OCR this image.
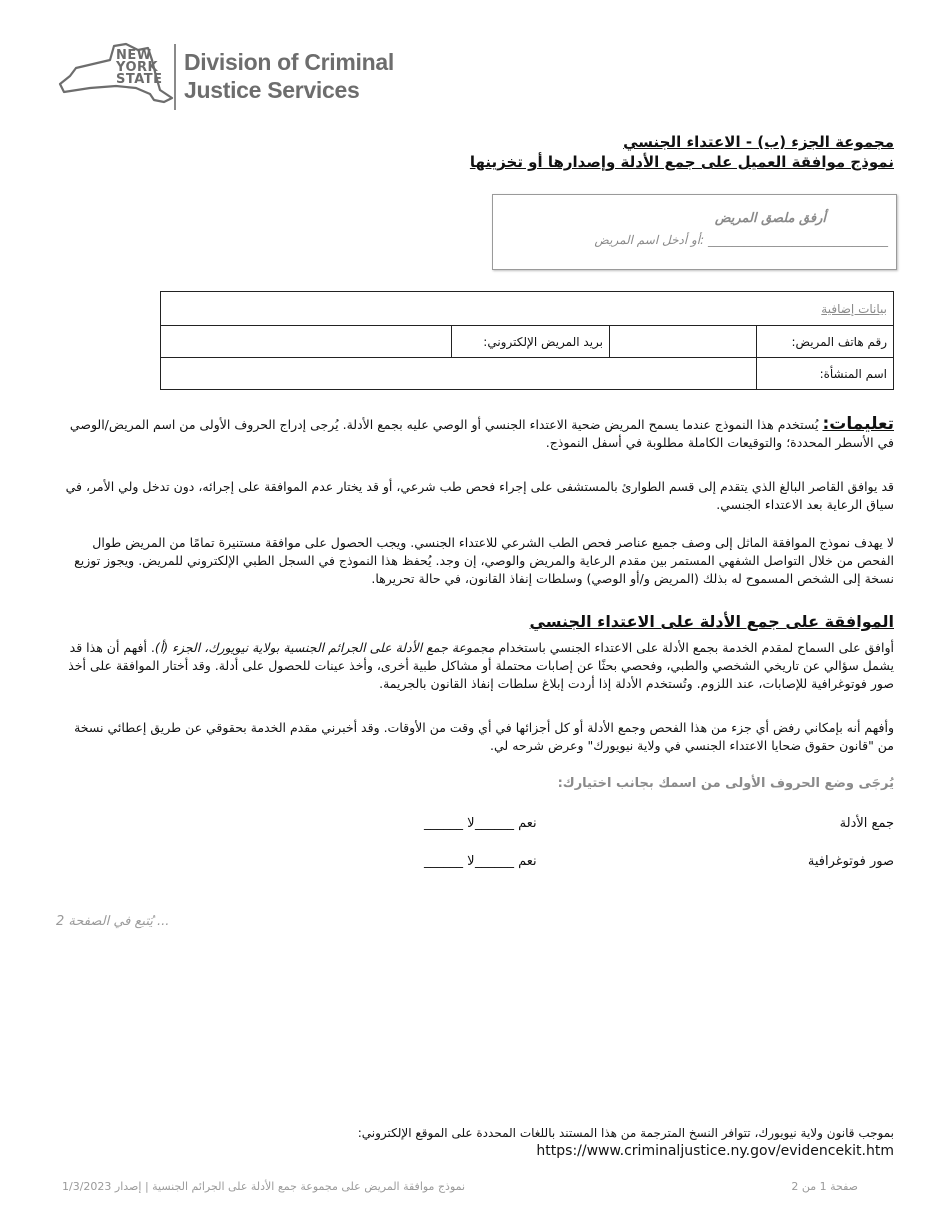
NEW
YORK
STATE
Division of Criminal
Justice Services
مجموعة الجزء (ب) - الاعتداء الجنسي
نموذج موافقة العميل على جمع الأدلة وإصدارها أو تخزينها
أرفق ملصق المريض
أو أدخل اسم المريض: ______________________________
بيانات إضافية			
	بريد المريض الإلكتروني:		رقم هاتف المريض:
			اسم المنشأة:
تعليمات: يُستخدم هذا النموذج عندما يسمح المريض ضحية الاعتداء الجنسي أو الوصي عليه بجمع الأدلة. يُرجى إدراج الحروف الأولى من اسم المريض/الوصي في الأسطر المحددة؛ والتوقيعات الكاملة مطلوبة في أسفل النموذج.
قد يوافق القاصر البالغ الذي يتقدم إلى قسم الطوارئ بالمستشفى على إجراء فحص طب شرعي، أو قد يختار عدم الموافقة على إجرائه، دون تدخل ولي الأمر، في سياق الرعاية بعد الاعتداء الجنسي.
لا يهدف نموذج الموافقة الماثل إلى وصف جميع عناصر فحص الطب الشرعي للاعتداء الجنسي. ويجب الحصول على موافقة مستنيرة تمامًا من المريض طوال الفحص من خلال التواصل الشفهي المستمر بين مقدم الرعاية والمريض والوصي، إن وجد. يُحفظ هذا النموذج في السجل الطبي الإلكتروني للمريض. ويجوز توزيع نسخة إلى الشخص المسموح له بذلك (المريض و/أو الوصي) وسلطات إنفاذ القانون، في حالة تحريرها.
الموافقة على جمع الأدلة على الاعتداء الجنسي
أوافق على السماح لمقدم الخدمة بجمع الأدلة على الاعتداء الجنسي باستخدام مجموعة جمع الأدلة على الجرائم الجنسية بولاية نيويورك، الجزء (أ). أفهم أن هذا قد يشمل سؤالي عن تاريخي الشخصي والطبي، وفحصي بحثًا عن إصابات محتملة أو مشاكل طبية أخرى، وأخذ عينات للحصول على أدلة. وقد أختار الموافقة على أخذ صور فوتوغرافية للإصابات، عند اللزوم. وتُستخدم الأدلة إذا أردت إبلاغ سلطات إنفاذ القانون بالجريمة.
وأفهم أنه بإمكاني رفض أي جزء من هذا الفحص وجمع الأدلة أو كل أجزائها في أي وقت من الأوقات. وقد أخبرني مقدم الخدمة بحقوقي عن طريق إعطائي نسخة من "قانون حقوق ضحايا الاعتداء الجنسي في ولاية نيويورك" وعرض شرحه لي.
يُرجَى وضع الحروف الأولى من اسمك بجانب اختيارك:
جمع الأدلة
نعم ______
لا ______
صور فوتوغرافية
نعم ______
لا ______
... يُتبع في الصفحة 2
بموجب قانون ولاية نيويورك، تتوافر النسخ المترجمة من هذا المستند باللغات المحددة على الموقع الإلكتروني:
https://www.criminaljustice.ny.gov/evidencekit.htm
صفحة 1 من 2
نموذج موافقة المريض على مجموعة جمع الأدلة على الجرائم الجنسية | إصدار 1/3/2023
